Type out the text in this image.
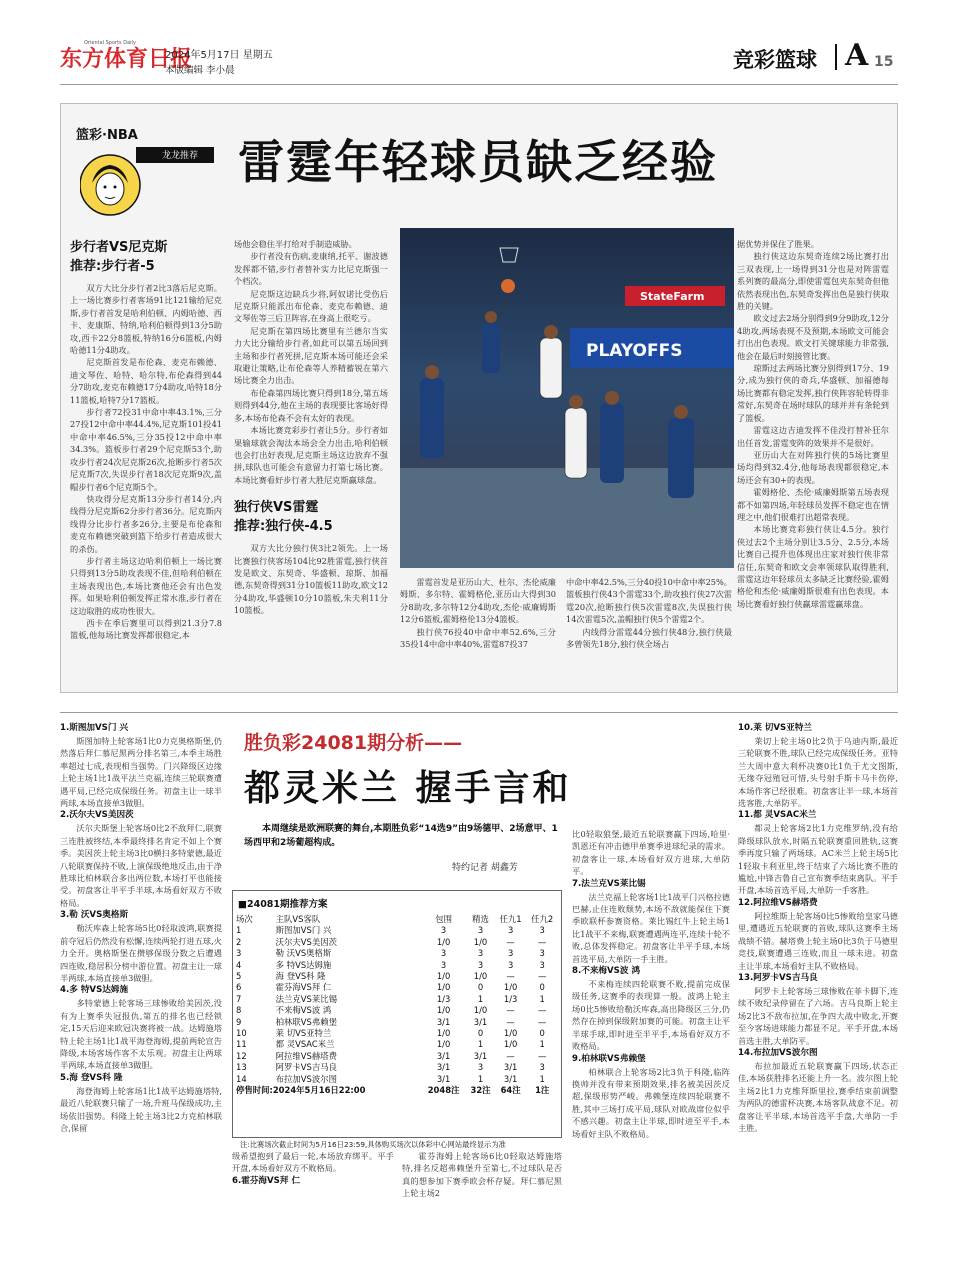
东方体育日报
Oriental Sports Daily
2024年5月17日 星期五
本版编辑 李小晨	竞彩篮球 A 15
篮彩·NBA
龙龙推荐 雷霆年轻球员缺乏经验
StateFarm
PLAYOFFS
步行者VS尼克斯
推荐:步行者-5

双方大比分步行者2比3落后尼克斯。上一场比赛步行者客场91比121输给尼克斯,步行者首发是哈利伯顿、内姆哈德、西卡、麦康斯、特纳,哈利伯顿得到13分5助攻,西卡22分8篮板,特纳16分6篮板,内姆哈德11分4助攻。

尼克斯首发是布伦森、麦克布赖德、迪文琴佐、哈特、哈尔特,布伦森得到44分7助攻,麦克布赖德17分4助攻,哈特18分11篮板,哈特7分17篮板。

步行者72投31中命中率43.1%,三分27投12中命中率44.4%,尼克斯101投41中命中率46.5%,三分35投12中命中率34.3%。篮板步行者29个尼克斯53个,助攻步行者24次尼克斯26次,抢断步行者5次尼克斯7次,失误步行者18次尼克斯9次,盖帽步行者6个尼克斯5个。

快攻得分尼克斯13分步行者14分,内线得分尼克斯62分步行者36分。尼克斯内线得分比步行者多26分,主要是布伦森和麦克布赖德突破到篮下给步行者造成很大的杀伤。

步行者主场这边哈利伯顿上一场比赛只得到13分5助攻表现不佳,但哈利伯顿在主场表现出色,本场比赛他还会有出色发挥。如果哈利伯顿发挥正常水准,步行者在这边取胜的成功性很大。

西卡在季后赛里可以得到21.3分7.8篮板,他每场比赛发挥都很稳定,本

场他会稳住半打给对手制造威胁。

步行者没有伤病,麦康纳,托平、谢波德发挥都不错,步行者替补实力比尼克斯强一个档次。

尼克斯这边缺兵少将,阿奴诺比受伤后尼克斯只能派出布伦森、麦克布赖德、迪文琴佐等三后卫阵容,在身高上很吃亏。

尼克斯在第四场比赛里有兰德尔当实力大比分输给步行者,如此可以第五场回到主场和步行者死拼,尼克斯本场可能还会采取避让策略,让布伦森等人养精蓄锐在第六场比赛全力出击。

布伦森第四场比赛只得到18分,第五场则得到44分,他在主场的表现要比客场好得多,本场布伦森不会有太好的表现。

本场比赛竞彩步行者让5分。步行者如果输球就会淘汰本场会全力出击,哈利伯顿也会打出好表现,尼克斯主场这边放弃不强拼,球队也可能会有意留力打第七场比赛。本场比赛看好步行者大胜尼克斯赢球盘。

独行侠VS雷霆
推荐:独行侠-4.5

双方大比分独行侠3比2领先。上一场比赛独行侠客场104比92胜雷霆,独行侠首发是欧文、东契奇、华盛顿、琼斯、加福德,东契奇得到31分10篮板11助攻,欧文12分4助攻,华盛顿10分10篮板,朱夫利11分10篮板。

雷霆首发是亚历山大、杜尔、杰伦威廉姆斯、多尔特、霍姆格伦,亚历山大得到30分8助攻,多尔特12分4助攻,杰伦·威廉姆斯12分6篮板,霍姆格伦13分4篮板。

独行侠76投40中命中率52.6%,三分35投14中命中率40%,雷霆87投37

中命中率42.5%,三分40投10中命中率25%。篮板独行侠43个雷霆33个,助攻独行侠27次雷霆20次,抢断独行侠5次雷霆8次,失误独行侠14次雷霆5次,盖帽独行侠5个雷霆2个。

内线得分雷霆44分独行侠48分,独行侠最多曾领先18分,独行侠全场占

据优势并保住了胜果。

独行侠这边东契奇连续2场比赛打出三双表现,上一场得到31分也是对阵雷霆系列赛的最高分,即使雷霆包夹东契奇但他依然表现出色,东契奇发挥出色是独行侠取胜的关键。

欧文过去2场分别得到9分9助攻,12分4助攻,两场表现不及预期,本场欧文可能会打出出色表现。欧文打关键球能力非常强,他会在最后时刻接管比赛。

琼斯过去两场比赛分别得到17分、19分,成为独行侠的奇兵,华盛顿、加福德每场比赛都有稳定发挥,独行侠阵容轮转得非常好,东契奇在场时球队的球并并有条轮到了篮板。

雷霆这边吉迪发挥不佳没打替补狂尔出任首发,雷霆变阵的效果并不是很好。

亚历山大在对阵独行侠的5场比赛里场均得到32.4分,他每场表现都很稳定,本场还会有30+的表现。

霍姆格伦、杰伦·威廉姆斯第五场表现都不如第四场,年轻球员发挥不稳定也在情理之中,他们很难打出超常表现。

本场比赛竞彩独行侠让4.5分。独行侠过去2个主场分别让3.5分、2.5分,本场比赛自己提升也体现出庄家对独行侠非常信任,东契奇和欧文会率领球队取得胜利,雷霆这边年轻球员太多缺乏比赛经验,霍姆格伦和杰伦·威廉姆斯很难有出色表现。本场比赛看好独行侠赢球雷霆赢球盘。

1.斯图加VS门 兴

斯图加特上轮客场1比0力克奥格斯堡,仍然落后拜仁慕尼黑两分排名第三,本季主场胜率超过七成,表现相当强势。门兴降级区边缘上轮主场1比1战平法兰克福,连续三轮联赛遭遇平局,已经完成保级任务。初盘主让一球半两球,本场直接单3做胆。

2.沃尔夫VS美因茨

沃尔夫斯堡上轮客场0比2不敌拜仁,联赛三连胜被终结,本季最终排名肯定不如上个赛季。美因茨上轮主场3比0横扫多特蒙德,最近八轮联赛保持不败,上演保级绝地反击,由于净胜球比柏林联合多出两位数,本场打平也能接受。初盘客让半平手半球,本场看好双方不败格局。

3.勒 沃VS奥格斯

勒沃库森上轮客场5比0轻取波鸿,联赛提前夺冠后仍然没有松懈,连续两轮打进五球,火力全开。奥格斯堡在攒够保级分数之后遭遇四连败,稳居积分榜中游位置。初盘主让一球半两球,本场直接单3做胆。

4.多 特VS达姆施

多特蒙德上轮客场三球惨败给美因茨,没有为上赛季失冠报仇,第五的排名也已经锁定,15天后迎来欧冠决赛将被一战。达姆施塔特上轮主场1比1战平海登海姆,提前两轮宣告降级,本场客场作客不太乐观。初盘主让两球半两球,本场直接单3做胆。

5.海 登VS科 隆

海登海姆上轮客场1比1战平达姆施塔特,最近八轮联赛只输了一场,升班马保级成功,主场依旧强势。科隆上轮主场3比2力克柏林联合,保留

胜负彩24081期分析——
都灵米兰 握手言和
本周继续是欧洲联赛的舞台,本期胜负彩“14选9”由9场德甲、2场意甲、1场西甲和2场葡超构成。
特约记者 胡鑫芳
■24081期推荐方案
场次	主队VS客队	包围	精选	任九1	任九2
1	斯图加VS门 兴	3	3	3	3
2	沃尔夫VS美因茨	1/0	1/0	—	—
3	勒 沃VS奥格斯	3	3	3	3
4	多 特VS达姆施	3	3	3	3
5	海 登VS科 隆	1/0	1/0	—	—
6	霍芬海VS拜 仁	1/0	0	1/0	0
7	法兰克VS莱比锡	1/3	1	1/3	1
8	不来梅VS波 鸿	1/0	1/0	—	—
9	柏林联VS弗赖堡	3/1	3/1	—	—
10	莱 切VS亚特兰	1/0	0	1/0	0
11	都 灵VSAC米兰	1/0	1	1/0	1
12	阿拉维VS赫塔费	3/1	3/1	—	—
13	阿罗卡VS吉马良	3/1	3	3/1	3
14	布拉加VS波尔图	3/1	1	3/1	1
停售时间:2024年5月16日22:00		2048注	32注	64注	1注
注:比赛场次截止时间为5月16日23:59,具体购买场次以体彩中心网站最终显示为准

级希望抱到了最后一轮,本场放弃绑平。平手开盘,本场看好双方不败格局。

6.霍芬海VS拜 仁

霍芬海姆上轮客场6比0轻取达姆施塔特,排名反超弗赖堡升至第七,不过球队是否真的想参加下赛季欧会杯存疑。拜仁慕尼黑上轮主场2

比0轻取狼堡,最近五轮联赛赢下四场,哈里·凯恩还有冲击德甲单赛季进球纪录的需求。初盘客让一球,本场看好双方进球,大单防平。

7.法兰克VS莱比锡

法兰克福上轮客场1比1战平门兴格拉德巴赫,止住连败颓势,本场不敌就能保住下赛季欧联杯参赛资格。莱比锡红牛上轮主场1比1战平不来梅,联赛遭遇两连平,连续十轮不败,总体发挥稳定。初盘客让半平手球,本场首选平局,大单防一手主胜。

8.不来梅VS波 鸿

不来梅连续四轮联赛不败,提前完成保级任务,这赛季的表现算一般。波鸿上轮主场0比5惨败给勒沃库森,高出降级区三分,仍然存在掉到保级附加赛的可能。初盘主让平半球手球,即时进至半平手,本场看好双方不败格局。

9.柏林联VS弗赖堡

柏林联合上轮客场2比3负于科隆,临阵换帅并没有带来预期效果,排名被美因茨反超,保级形势严峻。弗赖堡连续四轮联赛不胜,其中三场打成平局,球队对欧战席位似乎不感兴趣。初盘主让半球,即时进至平手,本场看好主队不败格局。

10.莱 切VS亚特兰

莱切上轮主场0比2负于乌迪内斯,最近三轮联赛不胜,球队已经完成保级任务。亚特兰大周中意大利杯决赛0比1负于尤文图斯,无缘夺冠殖冠可惜,头号射手斯卡马卡伤停,本场作客已经很难。初盘客让半一球,本场首选客胜,大单防平。

11.都 灵VSAC米兰

都灵上轮客场2比1力克维罗纳,没有给降级球队放水,时隔五轮联赛重回胜轨,这赛季再度只输了两场球。AC米兰上轮主场5比1轻取卡利亚里,终于结束了六场比赛不胜的尴尬,中锋吉鲁自己宣布赛季结束离队。平手开盘,本场首选平局,大单防一手客胜。

12.阿拉维VS赫塔费

阿拉维斯上轮客场0比5惨败给皇家马德里,遭遇近五轮联赛的首败,球队这赛季主场战绩不错。赫塔费上轮主场0比3负于马德里竞技,联赛遭遇三连败,而且一球未进。初盘主让半球,本场看好主队不败格局。

13.阿罗卡VS吉马良

阿罗卡上轮客场三球惨败在菲卡脚下,连续不败纪录停留在了六场。吉马良斯上轮主场2比3不敌布拉加,在争四大战中败北,开赛至今客场进球能力都显不足。平手开盘,本场首选主胜,大单防平。

14.布拉加VS波尔图

布拉加最近五轮联赛赢下四场,状态正佳,本场获胜排名还能上升一名。波尔图上轮主场2比1力克维拜斯里拉,赛季结束前调整为两队的德雷杯决赛,本场客队战意不足。初盘客让平半球,本场首选平手盘,大单防一手主胜。
